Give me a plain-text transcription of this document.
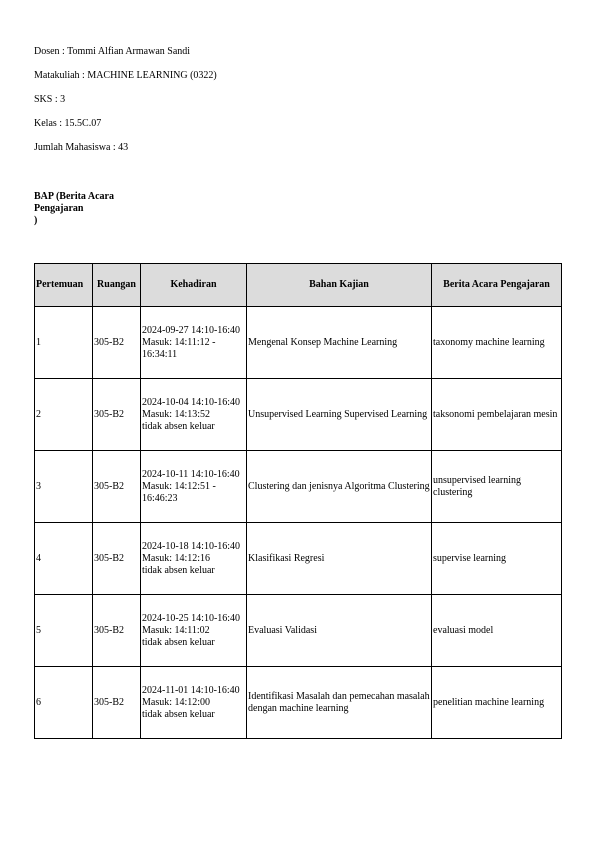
Dosen : Tommi Alfian Armawan Sandi
Matakuliah : MACHINE LEARNING (0322)
SKS : 3
Kelas : 15.5C.07
Jumlah Mahasiswa : 43
BAP (Berita Acara Pengajaran
)
Pertemuan	Ruangan	Kehadiran	Bahan Kajian	Berita Acara Pengajaran
1	305-B2	2024-09-27 14:10-16:40
Masuk: 14:11:12 - 16:34:11	Mengenal Konsep Machine Learning	taxonomy machine learning
2	305-B2	2024-10-04 14:10-16:40
Masuk: 14:13:52
tidak absen keluar	Unsupervised Learning Supervised Learning	taksonomi pembelajaran mesin
3	305-B2	2024-10-11 14:10-16:40
Masuk: 14:12:51 - 16:46:23	Clustering dan jenisnya Algoritma Clustering	unsupervised learning clustering
4	305-B2	2024-10-18 14:10-16:40
Masuk: 14:12:16
tidak absen keluar	Klasifikasi Regresi	supervise learning
5	305-B2	2024-10-25 14:10-16:40
Masuk: 14:11:02
tidak absen keluar	Evaluasi Validasi	evaluasi model
6	305-B2	2024-11-01 14:10-16:40
Masuk: 14:12:00
tidak absen keluar	Identifikasi Masalah dan pemecahan masalah dengan machine learning	penelitian machine learning
